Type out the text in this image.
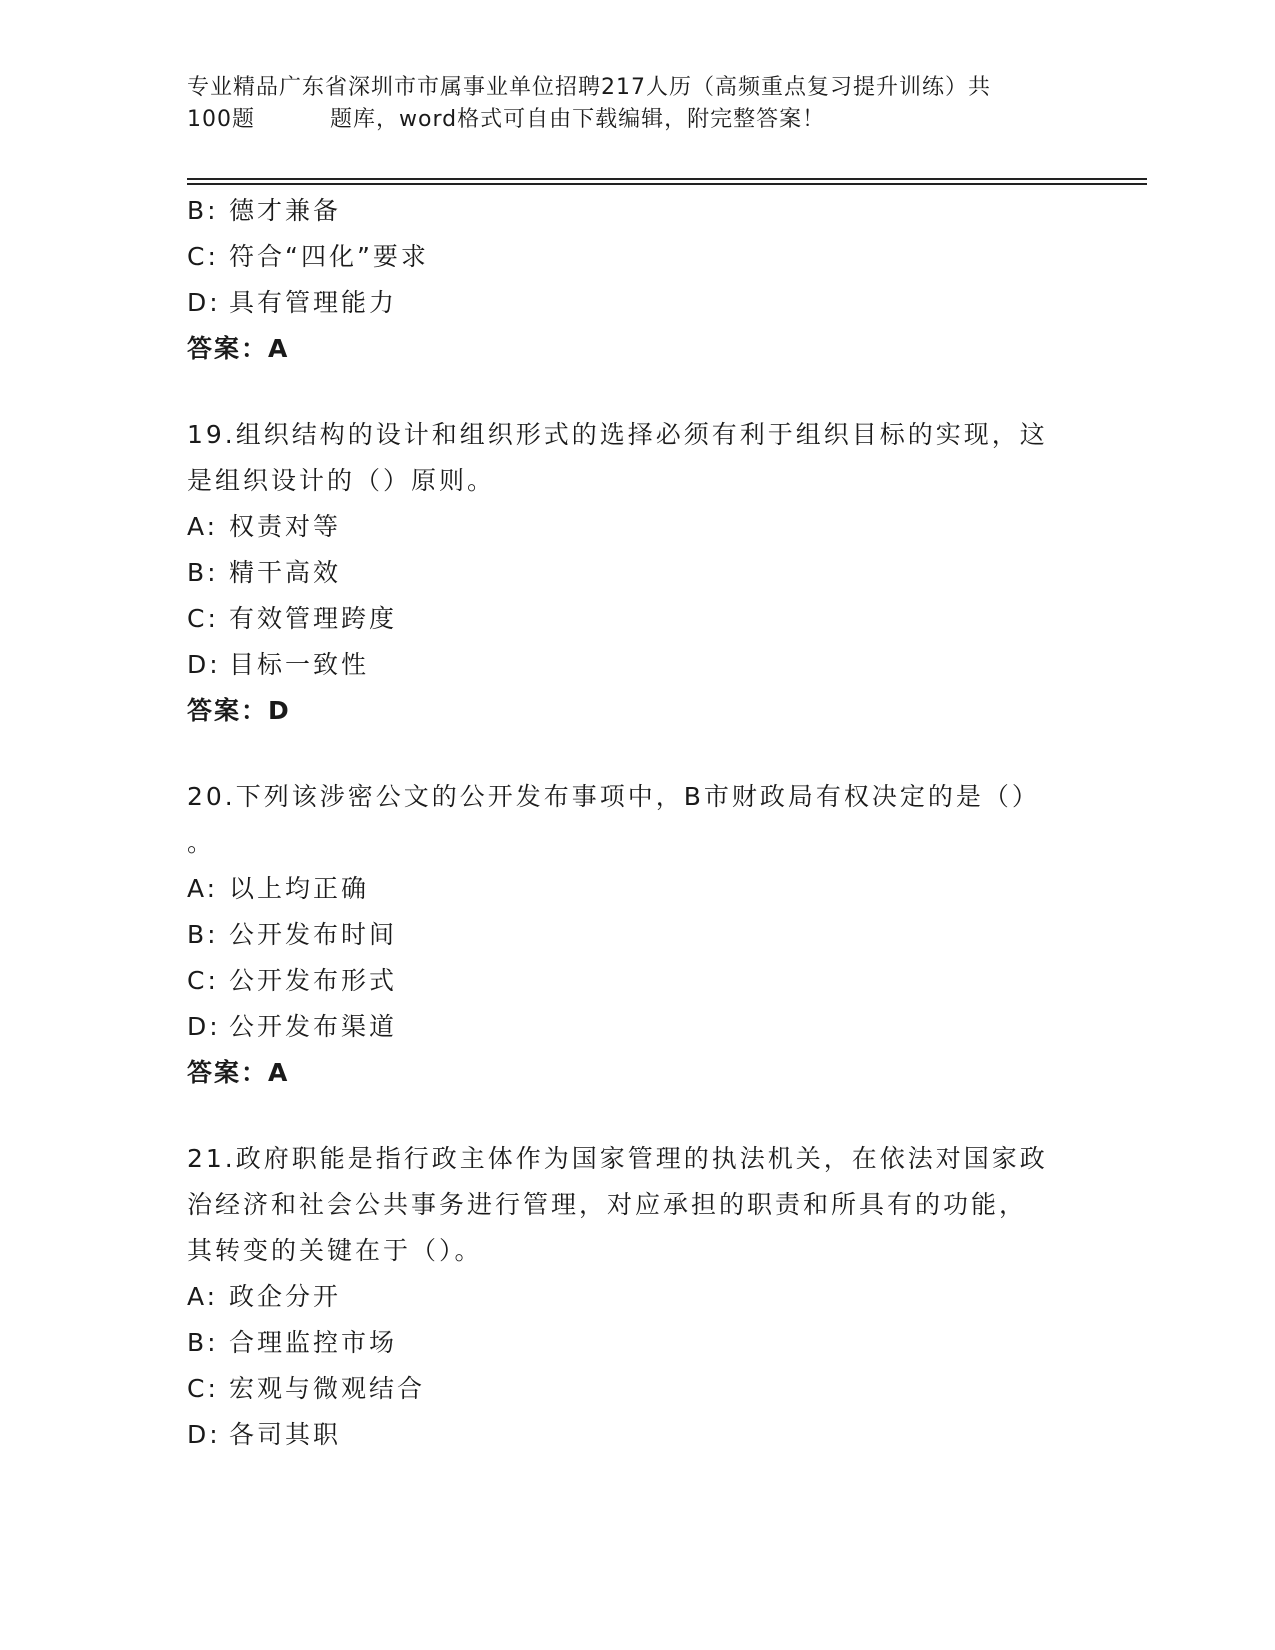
专业精品广东省深圳市市属事业单位招聘217人历（高频重点复习提升训练）共
100题	题库，word格式可自由下载编辑，附完整答案！
B: 德才兼备
C: 符合“四化”要求
D: 具有管理能力
答案：A
19.组织结构的设计和组织形式的选择必须有利于组织目标的实现，这
是组织设计的（）原则。
A: 权责对等
B: 精干高效
C: 有效管理跨度
D: 目标一致性
答案：D
20.下列该涉密公文的公开发布事项中，B市财政局有权决定的是（）
。
A: 以上均正确
B: 公开发布时间
C: 公开发布形式
D: 公开发布渠道
答案：A
21.政府职能是指行政主体作为国家管理的执法机关，在依法对国家政
治经济和社会公共事务进行管理，对应承担的职责和所具有的功能，
其转变的关键在于（）。
A: 政企分开
B: 合理监控市场
C: 宏观与微观结合
D: 各司其职
